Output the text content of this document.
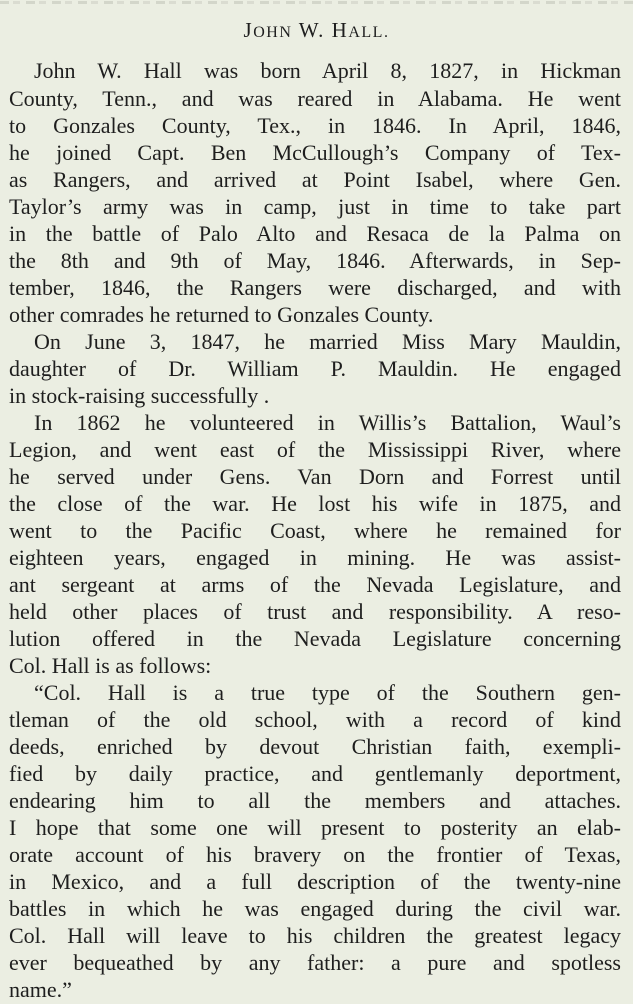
JOHN W. HALL.
John W. Hall was born April 8, 1827, in Hickman
County, Tenn., and was reared in Alabama. He went
to Gonzales County, Tex., in 1846. In April, 1846,
he joined Capt. Ben McCullough’s Company of Tex-
as Rangers, and arrived at Point Isabel, where Gen.
Taylor’s army was in camp, just in time to take part
in the battle of Palo Alto and Resaca de la Palma on
the 8th and 9th of May, 1846. Afterwards, in Sep-
tember, 1846, the Rangers were discharged, and with
other comrades he returned to Gonzales County.
On June 3, 1847, he married Miss Mary Mauldin,
daughter of Dr. William P. Mauldin. He engaged
in stock-raising successfully .
In 1862 he volunteered in Willis’s Battalion, Waul’s
Legion, and went east of the Mississippi River, where
he served under Gens. Van Dorn and Forrest until
the close of the war. He lost his wife in 1875, and
went to the Pacific Coast, where he remained for
eighteen years, engaged in mining. He was assist-
ant sergeant at arms of the Nevada Legislature, and
held other places of trust and responsibility. A reso-
lution offered in the Nevada Legislature concerning
Col. Hall is as follows:
“Col. Hall is a true type of the Southern gen-
tleman of the old school, with a record of kind
deeds, enriched by devout Christian faith, exempli-
fied by daily practice, and gentlemanly deportment,
endearing him to all the members and attaches.
I hope that some one will present to posterity an elab-
orate account of his bravery on the frontier of Texas,
in Mexico, and a full description of the twenty-nine
battles in which he was engaged during the civil war.
Col. Hall will leave to his children the greatest legacy
ever bequeathed by any father: a pure and spotless
name.”
